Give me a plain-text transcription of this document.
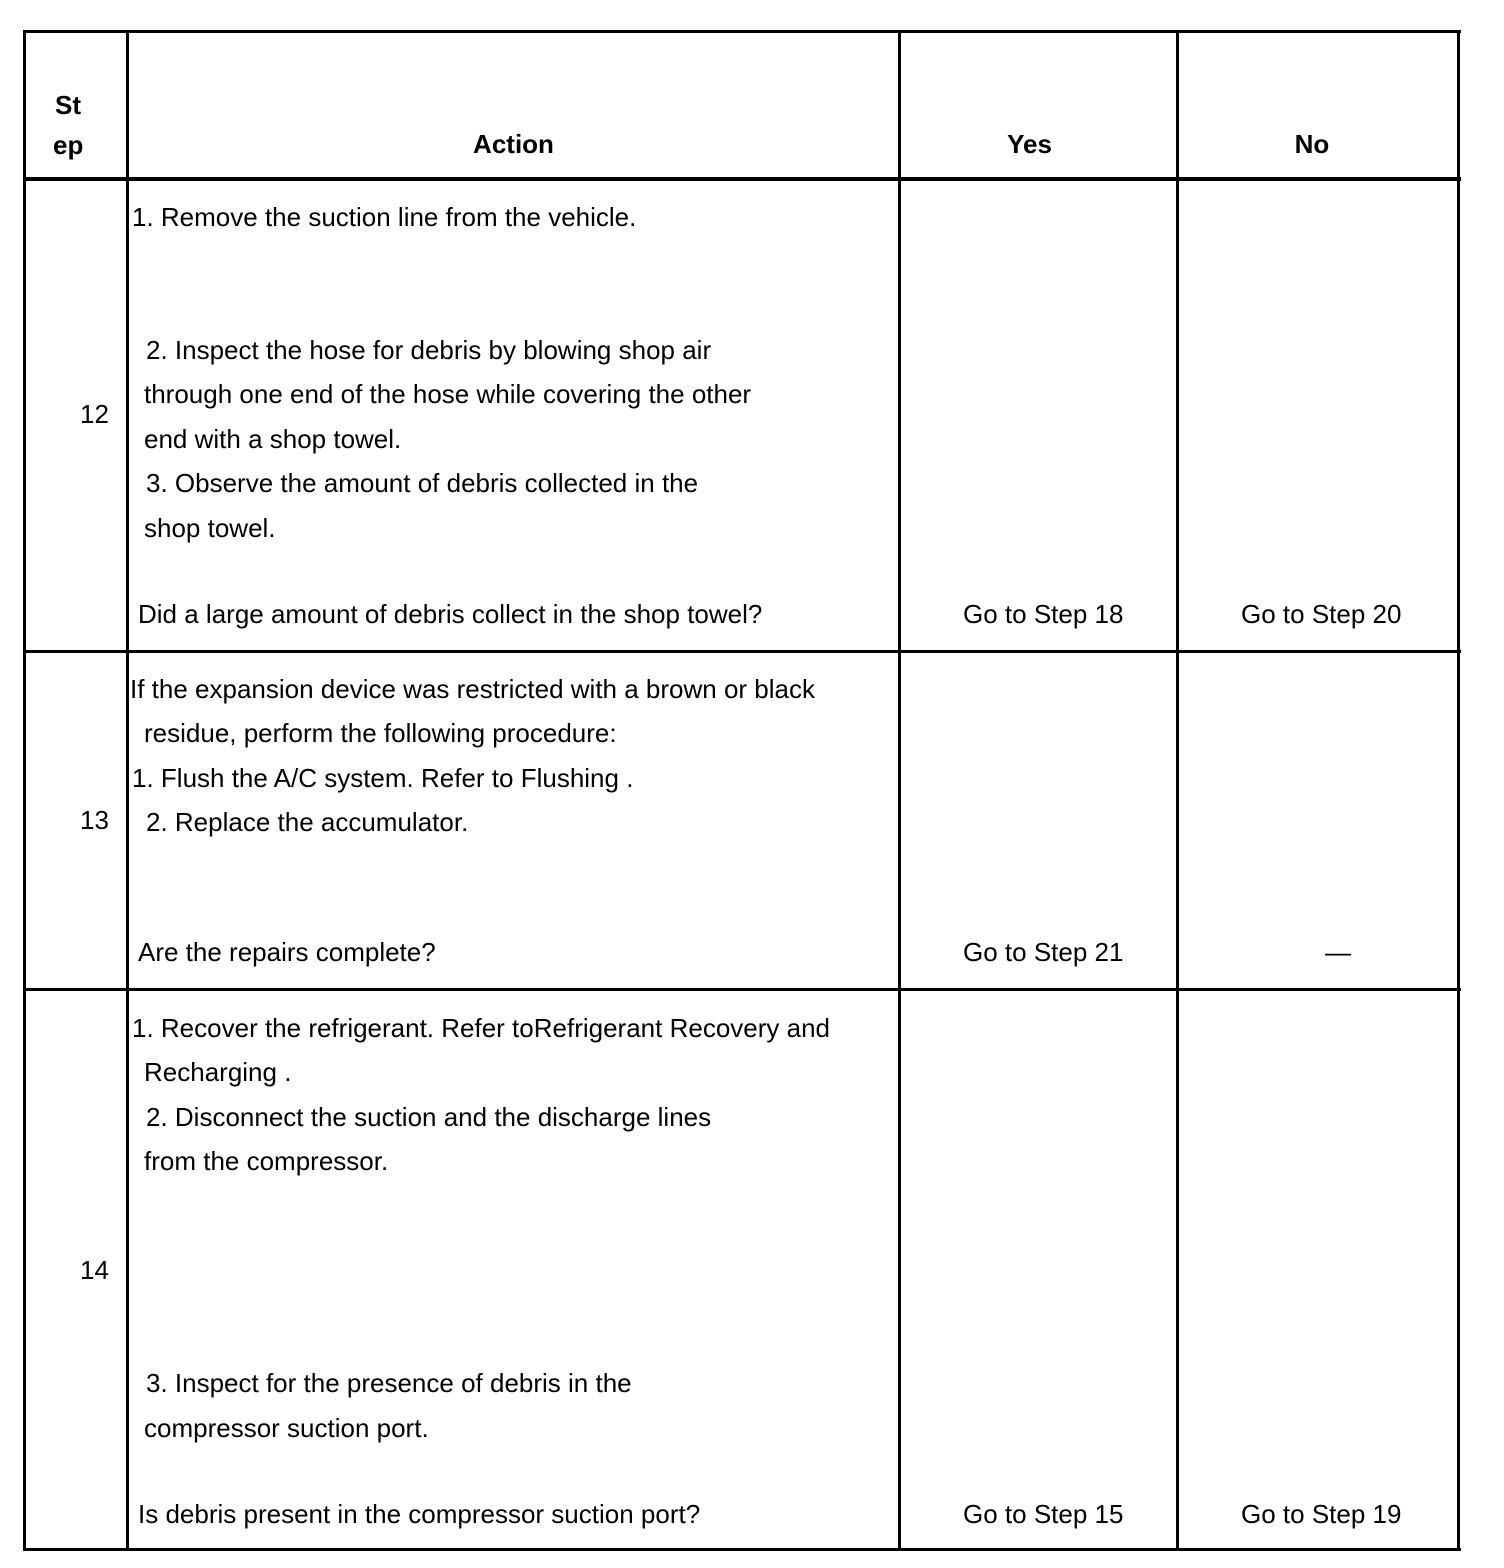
St
ep	Action	Yes	No
12
1. Remove the suction line from the vehicle.
2. Inspect the hose for debris by blowing shop air
through one end of the hose while covering the other
end with a shop towel.
3. Observe the amount of debris collected in the
shop towel.
Did a large amount of debris collect in the shop towel?	Go to Step 18	Go to Step 20
13
If the expansion device was restricted with a brown or black
residue, perform the following procedure:
1. Flush the A/C system. Refer to Flushing .
2. Replace the accumulator.
Are the repairs complete?	Go to Step 21	—
14
1. Recover the refrigerant. Refer toRefrigerant Recovery and
Recharging .
2. Disconnect the suction and the discharge lines
from the compressor.
3. Inspect for the presence of debris in the
compressor suction port.
Is debris present in the compressor suction port?	Go to Step 15	Go to Step 19
